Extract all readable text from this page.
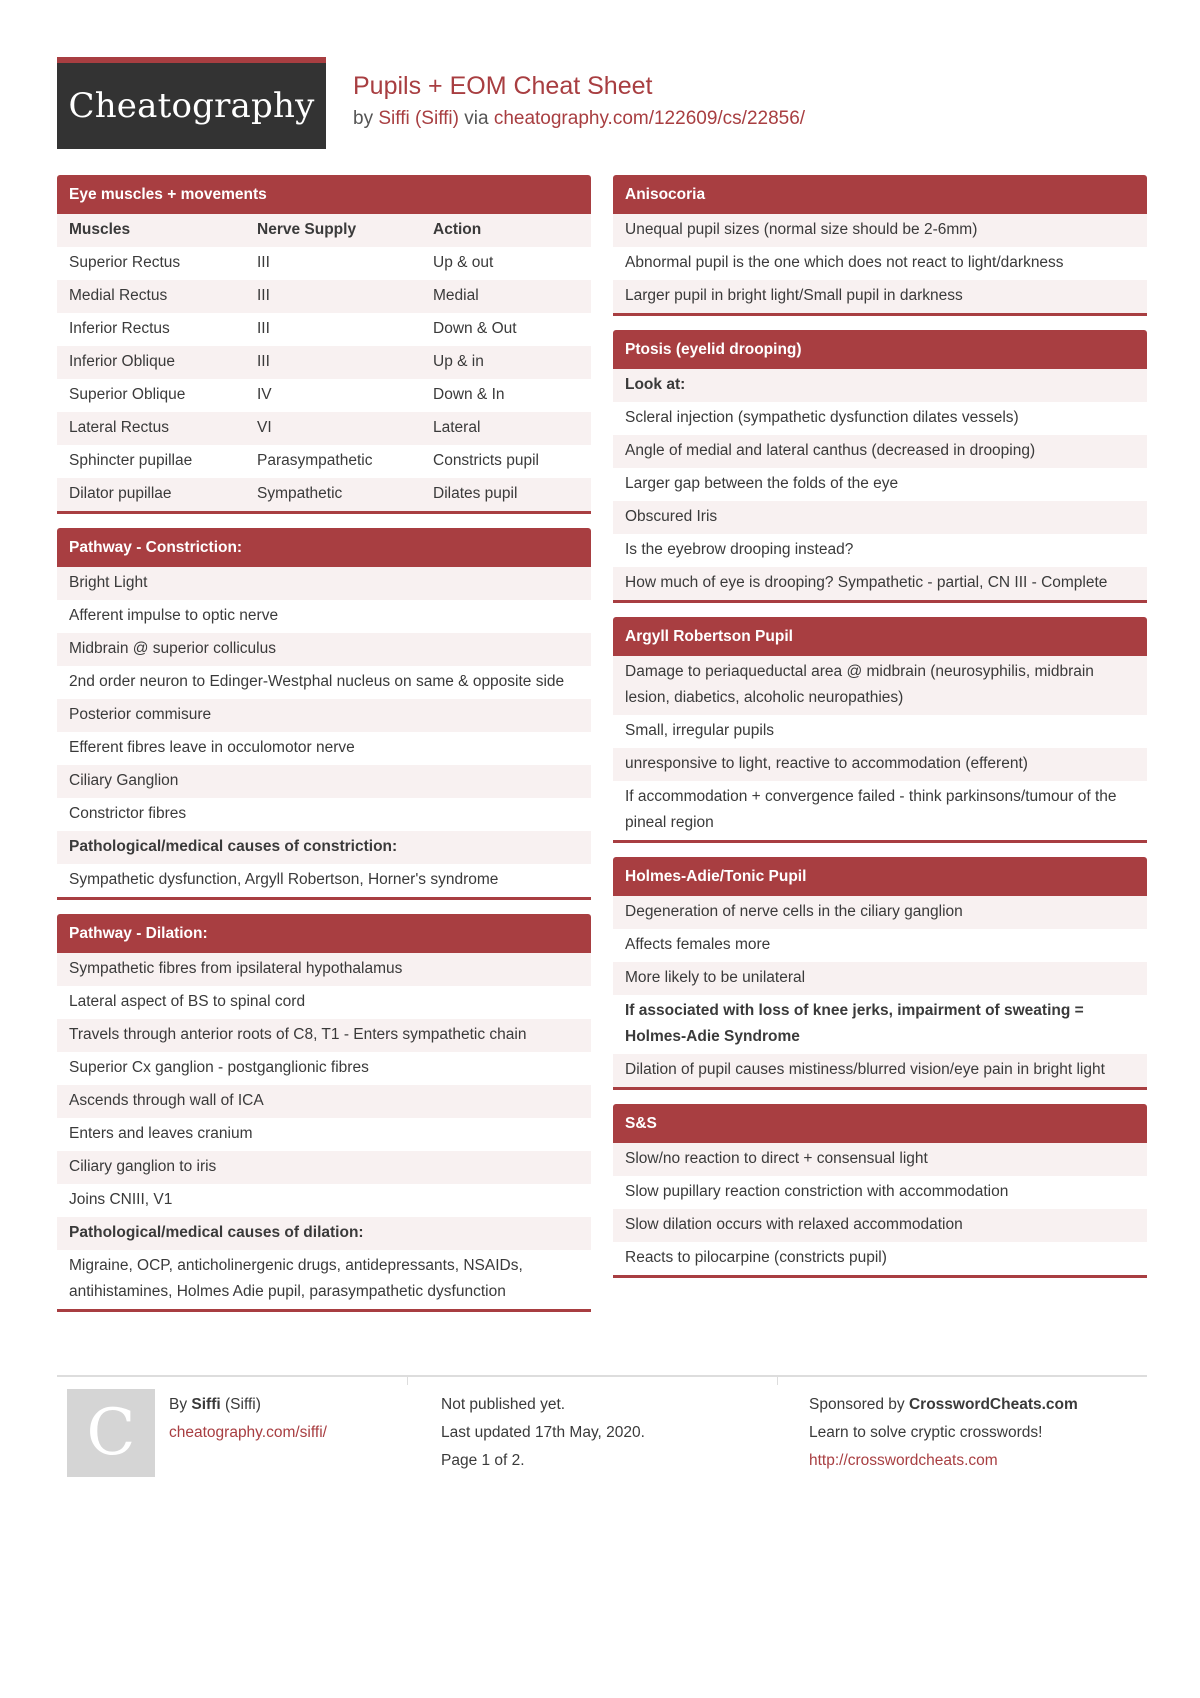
Cheatography Pupils + EOM Cheat Sheet
by Siffi (Siffi) via cheatography.com/122609/cs/22856/
Eye muscles + movements
Muscles	Nerve Supply	Action
Superior Rectus	III	Up & out
Medial Rectus	III	Medial
Inferior Rectus	III	Down & Out
Inferior Oblique	III	Up & in
Superior Oblique	IV	Down & In
Lateral Rectus	VI	Lateral
Sphincter pupillae	Parasympathetic	Constricts pupil
Dilator pupillae	Sympathetic	Dilates pupil
Pathway - Constriction:
Bright Light
Afferent impulse to optic nerve
Midbrain @ superior colliculus
2nd order neuron to Edinger-Westphal nucleus on same & opposite side
Posterior commisure
Efferent fibres leave in occulomotor nerve
Ciliary Ganglion
Constrictor fibres
Pathological/medical causes of constriction:
Sympathetic dysfunction, Argyll Robertson, Horner's syndrome
Pathway - Dilation:
Sympathetic fibres from ipsilateral hypothalamus
Lateral aspect of BS to spinal cord
Travels through anterior roots of C8, T1 - Enters sympathetic chain
Superior Cx ganglion - postganglionic fibres
Ascends through wall of ICA
Enters and leaves cranium
Ciliary ganglion to iris
Joins CNIII, V1
Pathological/medical causes of dilation:
Migraine, OCP, anticholinergenic drugs, antidepressants, NSAIDs, antihistamines, Holmes Adie pupil, parasympathetic dysfunction
Anisocoria
Unequal pupil sizes (normal size should be 2-6mm)
Abnormal pupil is the one which does not react to light/darkness
Larger pupil in bright light/Small pupil in darkness
Ptosis (eyelid drooping)
Look at:
Scleral injection (sympathetic dysfunction dilates vessels)
Angle of medial and lateral canthus (decreased in drooping)
Larger gap between the folds of the eye
Obscured Iris
Is the eyebrow drooping instead?
How much of eye is drooping? Sympathetic - partial, CN III - Complete
Argyll Robertson Pupil
Damage to periaqueductal area @ midbrain (neurosyphilis, midbrain lesion, diabetics, alcoholic neuropathies)
Small, irregular pupils
unresponsive to light, reactive to accommodation (efferent)
If accommodation + convergence failed - think parkinsons/tumour of the pineal region
Holmes-Adie/Tonic Pupil
Degeneration of nerve cells in the ciliary ganglion
Affects females more
More likely to be unilateral
If associated with loss of knee jerks, impairment of sweating = Holmes-Adie Syndrome
Dilation of pupil causes mistiness/blurred vision/eye pain in bright light
S&S
Slow/no reaction to direct + consensual light
Slow pupillary reaction constriction with accommodation
Slow dilation occurs with relaxed accommodation
Reacts to pilocarpine (constricts pupil)
C By Siffi (Siffi)
cheatography.com/siffi/
Not published yet.
Last updated 17th May, 2020.
Page 1 of 2.
Sponsored by CrosswordCheats.com
Learn to solve cryptic crosswords!
http://crosswordcheats.com
